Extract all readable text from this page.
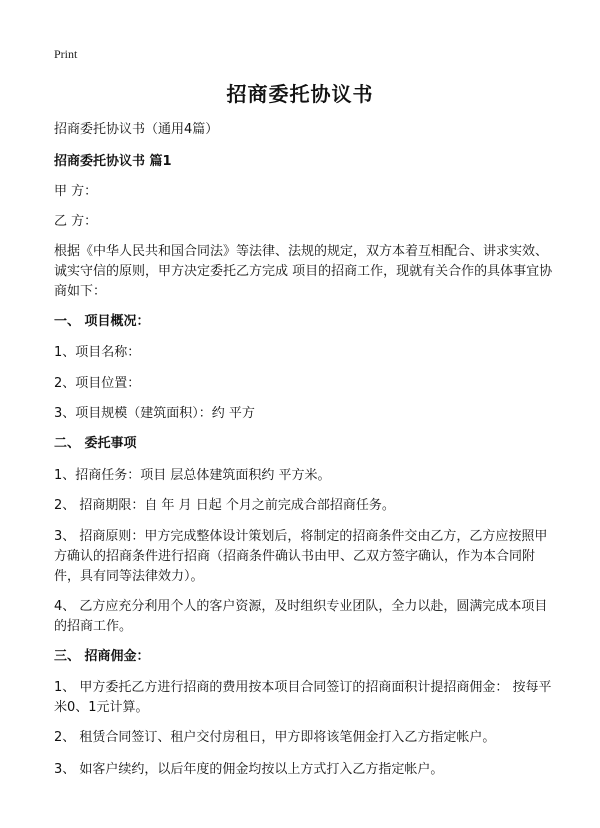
Print
招商委托协议书
招商委托协议书（通用4篇）
招商委托协议书 篇1
甲 方：
乙 方：
根据《中华人民共和国合同法》等法律、法规的规定，双方本着互相配合、讲求实效、诚实守信的原则，甲方决定委托乙方完成 项目的招商工作，现就有关合作的具体事宜协商如下：
一、 项目概况：
1、项目名称：
2、项目位置：
3、项目规模（建筑面积）：约 平方
二、 委托事项
1、招商任务：项目 层总体建筑面积约 平方米。
2、 招商期限：自 年 月 日起 个月之前完成合部招商任务。
3、 招商原则：甲方完成整体设计策划后，将制定的招商条件交由乙方，乙方应按照甲方确认的招商条件进行招商（招商条件确认书由甲、乙双方签字确认，作为本合同附件，具有同等法律效力）。
4、 乙方应充分利用个人的客户资源，及时组织专业团队，全力以赴，圆满完成本项目的招商工作。
三、 招商佣金：
1、 甲方委托乙方进行招商的费用按本项目合同签订的招商面积计提招商佣金： 按每平米0、1元计算。
2、 租赁合同签订、租户交付房租日，甲方即将该笔佣金打入乙方指定帐户。
3、 如客户续约，以后年度的佣金均按以上方式打入乙方指定帐户。
